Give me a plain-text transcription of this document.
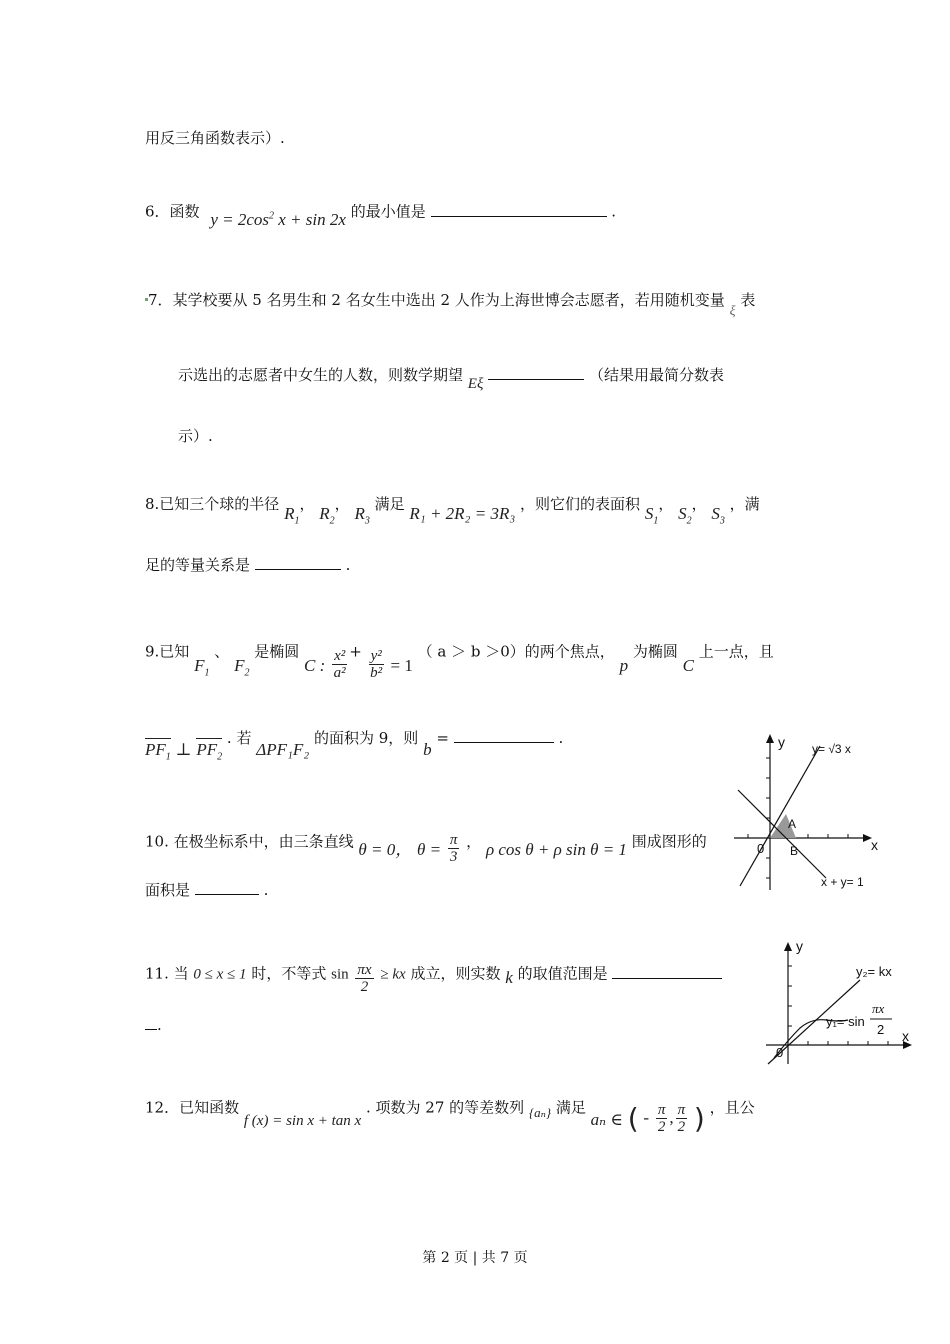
用反三角函数表示）.
6．函数 $y = 2\cos^2$ x + sin 2x 的最小值是	.
7．某学校要从 5 名男生和 2 名女生中选出 2 人作为上海世博会志愿者，若用随机变量 ξ 表
示选出的志愿者中女生的人数，则数学期望 Eξ	（结果用最简分数表
示）.
8.已知三个球的半径 $R_1$， $R_2$， $R_3$ 满足 R₁ + 2R₂ = 3R₃ ，则它们的表面积 $S_1$， $S_2$， $S_3$ ，满
足的等量关系是	.
9.已知 $F_1$ 、 $F_2$ 是椭圆 C : $\frac{\text{x²}}{\text{a²}} + \frac{\text{y²}}{\text{b²}} = 1$ （ a ＞ b ＞0）的两个焦点， p 为椭圆 C 上一点，且
$PF_1$ ⊥ $PF_2$ . 若 ΔPF₁F₂ 的面积为 9，则 b =	.
10. 在极坐标系中，由三条直线 θ = 0， $\theta = \frac{\pi}{3}$ ， ρ cos θ + ρ sin θ = 1 围成图形的
面积是	.
11. 当 0 ≤ x ≤ 1 时，不等式 $\sin \frac{\pi x}{2}$ ≥ kx 成立，则实数 k 的取值范围是
.
12．已知函数 f (x) = sin x + tan x . 项数为 27 的等差数列 {aₙ} 满足 aₙ ∈ ( - $\frac{\pi}{2}$ , $\frac{\pi}{2}$ ) ，且公
y
x
y= √3 x
x + y= 1
A
B
0
y
x
y₂= kx
y₁= sin
πx
2
0
第 2 页 | 共 7 页
